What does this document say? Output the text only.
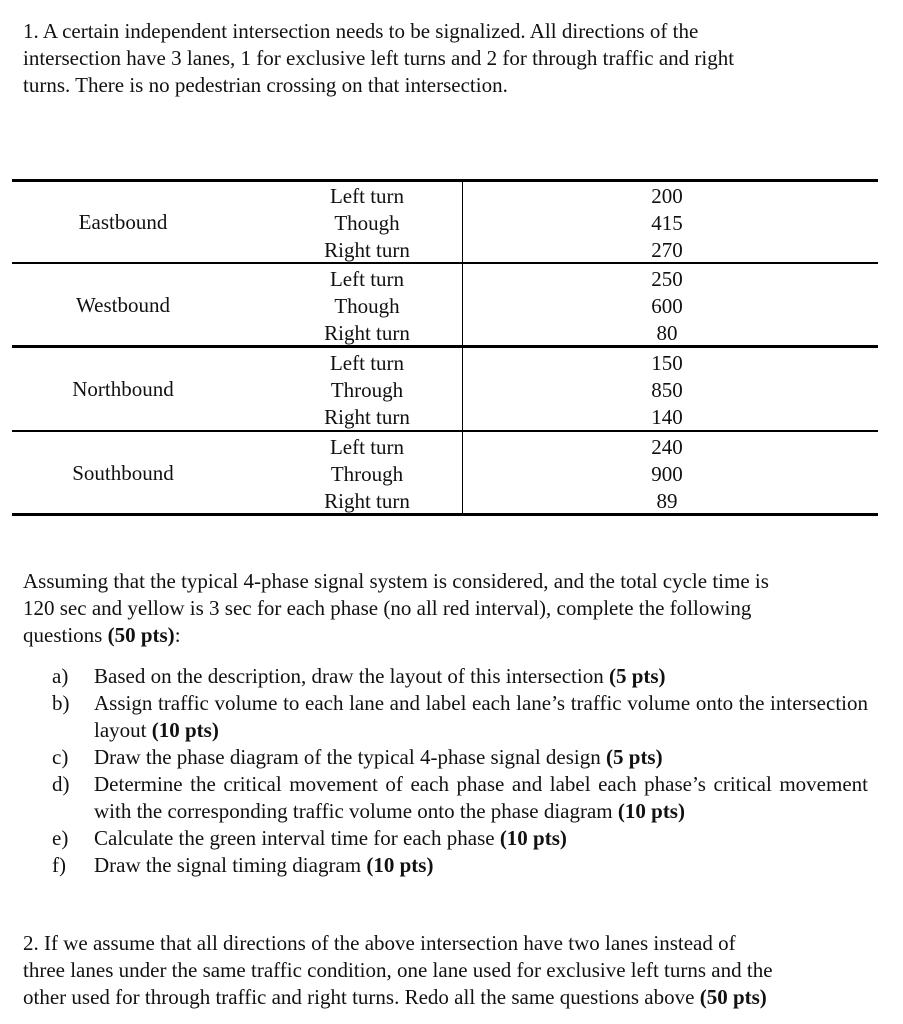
1. A certain independent intersection needs to be signalized. All directions of the
intersection have 3 lanes, 1 for exclusive left turns and 2 for through traffic and right
turns. There is no pedestrian crossing on that intersection.
Eastbound
Left turn
Though
Right turn
200
415
270
Westbound
Left turn
Though
Right turn
250
600
80
Northbound
Left turn
Through
Right turn
150
850
140
Southbound
Left turn
Through
Right turn
240
900
89
Assuming that the typical 4-phase signal system is considered, and the total cycle time is
120 sec and yellow is 3 sec for each phase (no all red interval), complete the following
questions (50 pts):
a) Based on the description, draw the layout of this intersection (5 pts)
b) Assign traffic volume to each lane and label each lane’s traffic volume onto the intersection layout (10 pts)
c) Draw the phase diagram of the typical 4-phase signal design (5 pts)
d) Determine the critical movement of each phase and label each phase’s critical movement with the corresponding traffic volume onto the phase diagram (10 pts)
e) Calculate the green interval time for each phase (10 pts)
f) Draw the signal timing diagram (10 pts)
2. If we assume that all directions of the above intersection have two lanes instead of
three lanes under the same traffic condition, one lane used for exclusive left turns and the
other used for through traffic and right turns. Redo all the same questions above (50 pts)
